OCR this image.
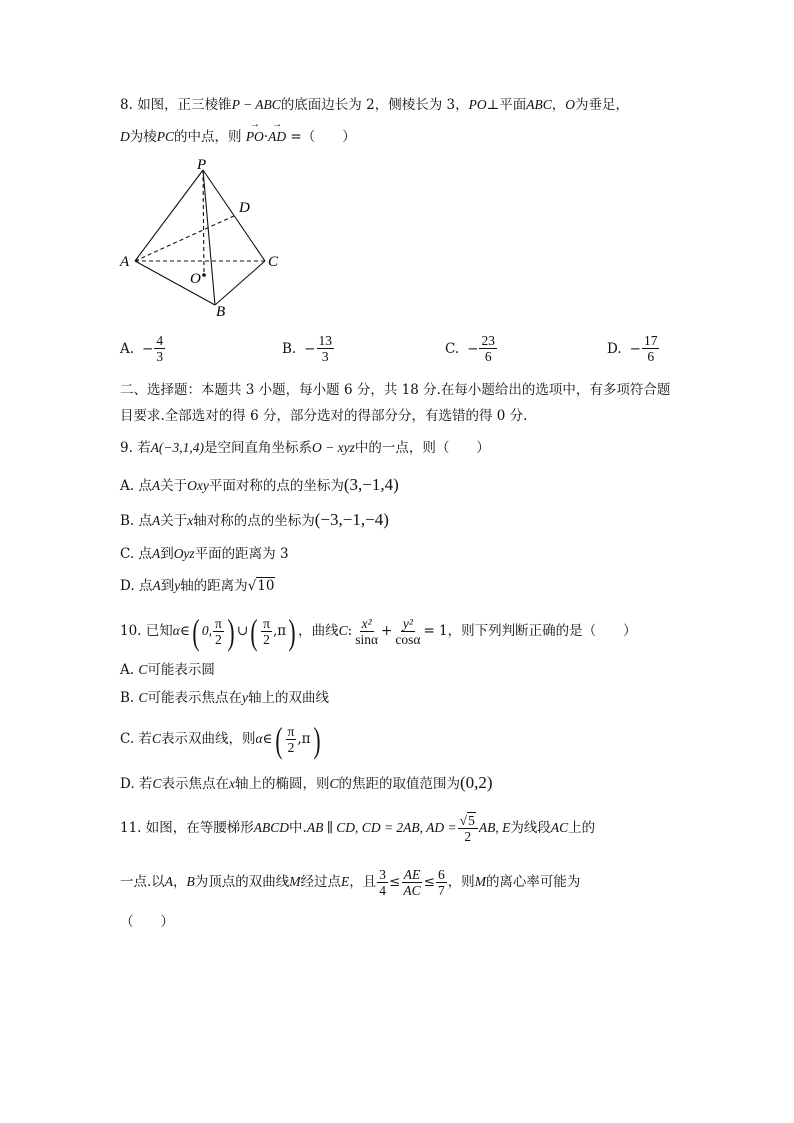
8. 如图，正三棱锥P − ABC的底面边长为 2，侧棱长为 3，PO⊥平面ABC，O为垂足，
D为棱PC的中点，则 → PO·→ AD =（　　）
P
D
A	C
O
B
A. − $\frac{4}{3}$	B. − $\frac{13}{3}$	C. − $\frac{23}{6}$	D. − $\frac{17}{6}$
二、选择题：本题共 3 小题，每小题 6 分，共 18 分.在每小题给出的选项中，有多项符合题
目要求.全部选对的得 6 分，部分选对的得部分分，有选错的得 0 分.
9. 若A(−3,1,4)是空间直角坐标系O − xyz中的一点，则（　　）
A. 点A关于Oxy平面对称的点的坐标为(3,−1,4)
B. 点A关于x轴对称的点的坐标为(−3,−1,−4)
C. 点A到Oyz平面的距离为 3
D. 点A到y轴的距离为√10
10. 已知α∈( 0, $\frac{\pi}{2}$ ) ∪( $\frac{\pi}{2} ,\pi$) ，曲线C: $\frac{\text{x²}}{\sin\alpha} + \frac{\text{y²}}{\cos\alpha} = 1$，则下列判断正确的是（　　）
A. C可能表示圆
B. C可能表示焦点在y轴上的双曲线
C. 若C表示双曲线，则α∈( $\frac{\pi}{2} ,\pi$)
D. 若C表示焦点在x轴上的椭圆，则C的焦距的取值范围为(0,2)
11. 如图，在等腰梯形ABCD中.AB ∥ CD, CD = 2AB, AD = $\frac{√5}{2}$ AB, E为线段AC上的
一点.以A，B为顶点的双曲线M经过点E，且 $\frac{3}{4} \le \frac{AE}{AC} \le \frac{6}{7}$ ，则M的离心率可能为
（　　）
